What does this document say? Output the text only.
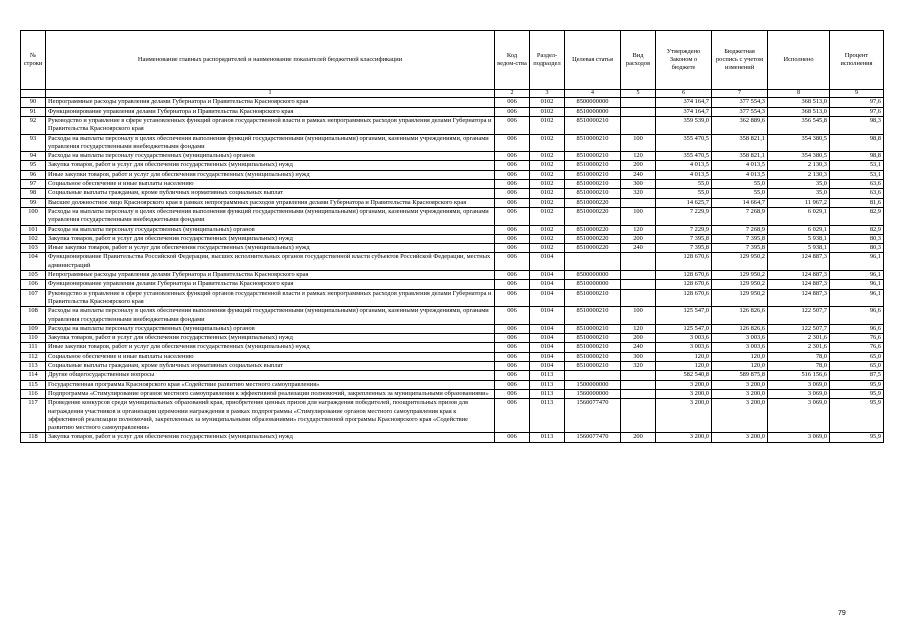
№ строки	Наименование главных распорядителей и наименование показателей бюджетной классификации	Код ведом-ства	Раздел-подраздел	Целевая статья	Вид расходов	Утверждено Законом о бюджете	Бюджетная роспись с учетом изменений	Исполнено	Процент исполнения
	1	2	3	4	5	6	7	8	9
90	Непрограммные расходы управления делами Губернатора и Правительства Красноярского края	006	0102	8500000000		374 164,7	377 554,3	368 513,0	97,6
91	Функционирование управления делами Губернатора и Правительства Красноярского края	006	0102	8510000000		374 164,7	377 554,3	368 513,0	97,6
92	Руководство и управление в сфере установленных функций органов государственной власти в рамках непрограммных расходов управления делами Губернатора и Правительства Красноярского края	006	0102	8510000210		359 539,0	362 889,6	356 545,8	98,3
93	Расходы на выплаты персоналу в целях обеспечения выполнения функций государственными (муниципальными) органами, казенными учреждениями, органами управления государственными внебюджетными фондами	006	0102	8510000210	100	355 470,5	358 821,1	354 380,5	98,8
94	Расходы на выплаты персоналу государственных (муниципальных) органов	006	0102	8510000210	120	355 470,5	358 821,1	354 380,5	98,8
95	Закупка товаров, работ и услуг для обеспечения государственных (муниципальных) нужд	006	0102	8510000210	200	4 013,5	4 013,5	2 130,3	53,1
96	Иные закупки товаров, работ и услуг для обеспечения государственных (муниципальных) нужд	006	0102	8510000210	240	4 013,5	4 013,5	2 130,3	53,1
97	Социальное обеспечение и иные выплаты населению	006	0102	8510000210	300	55,0	55,0	35,0	63,6
98	Социальные выплаты гражданам, кроме публичных нормативных социальных выплат	006	0102	8510000210	320	55,0	55,0	35,0	63,6
99	Высшее должностное лицо Красноярского края в рамках непрограммных расходов управления делами Губернатора и Правительства Красноярского края	006	0102	8510000220		14 625,7	14 664,7	11 967,2	81,6
100	Расходы на выплаты персоналу в целях обеспечения выполнения функций государственными (муниципальными) органами, казенными учреждениями, органами управления государственными внебюджетными фондами	006	0102	8510000220	100	7 229,9	7 268,9	6 029,1	82,9
101	Расходы на выплаты персоналу государственных (муниципальных) органов	006	0102	8510000220	120	7 229,9	7 268,9	6 029,1	82,9
102	Закупка товаров, работ и услуг для обеспечения государственных (муниципальных) нужд	006	0102	8510000220	200	7 395,8	7 395,8	5 938,1	80,3
103	Иные закупки товаров, работ и услуг для обеспечения государственных (муниципальных) нужд	006	0102	8510000220	240	7 395,8	7 395,8	5 938,1	80,3
104	Функционирование Правительства Российской Федерации, высших исполнительных органов государственной власти субъектов Российской Федерации, местных администраций	006	0104			128 670,6	129 950,2	124 887,3	96,1
105	Непрограммные расходы управления делами Губернатора и Правительства Красноярского края	006	0104	8500000000		128 670,6	129 950,2	124 887,3	96,1
106	Функционирование управления делами Губернатора и Правительства Красноярского края	006	0104	8510000000		128 670,6	129 950,2	124 887,3	96,1
107	Руководство и управление в сфере установленных функций органов государственной власти в рамках непрограммных расходов управления делами Губернатора и Правительства Красноярского края	006	0104	8510000210		128 670,6	129 950,2	124 887,3	96,1
108	Расходы на выплаты персоналу в целях обеспечения выполнения функций государственными (муниципальными) органами, казенными учреждениями, органами управления государственными внебюджетными фондами	006	0104	8510000210	100	125 547,0	126 826,6	122 507,7	96,6
109	Расходы на выплаты персоналу государственных (муниципальных) органов	006	0104	8510000210	120	125 547,0	126 826,6	122 507,7	96,6
110	Закупка товаров, работ и услуг для обеспечения государственных (муниципальных) нужд	006	0104	8510000210	200	3 003,6	3 003,6	2 301,6	76,6
111	Иные закупки товаров, работ и услуг для обеспечения государственных (муниципальных) нужд	006	0104	8510000210	240	3 003,6	3 003,6	2 301,6	76,6
112	Социальное обеспечение и иные выплаты населению	006	0104	8510000210	300	120,0	120,0	78,0	65,0
113	Социальные выплаты гражданам, кроме публичных нормативных социальных выплат	006	0104	8510000210	320	120,0	120,0	78,0	65,0
114	Другие общегосударственные вопросы	006	0113			582 540,8	589 875,8	516 156,6	87,5
115	Государственная программа Красноярского края «Содействие развитию местного самоуправления»	006	0113	1500000000		3 200,0	3 200,0	3 069,0	95,9
116	Подпрограмма «Стимулирование органов местного самоуправления к эффективной реализации полномочий, закрепленных за муниципальными образованиями»	006	0113	1560000000		3 200,0	3 200,0	3 069,0	95,9
117	Проведение конкурсов среди муниципальных образований края, приобретение ценных призов для награждения победителей, поощрительных призов для награждения участников и организации церемонии награждения в рамках подпрограммы «Стимулирование органов местного самоуправления края к эффективной реализации полномочий, закрепленных за муниципальными образованиями» государственной программы Красноярского края «Содействие развитию местного самоуправления»	006	0113	1560077470		3 200,0	3 200,0	3 069,0	95,9
118	Закупка товаров, работ и услуг для обеспечения государственных (муниципальных) нужд	006	0113	1560077470	200	3 200,0	3 200,0	3 069,0	95,9
79
